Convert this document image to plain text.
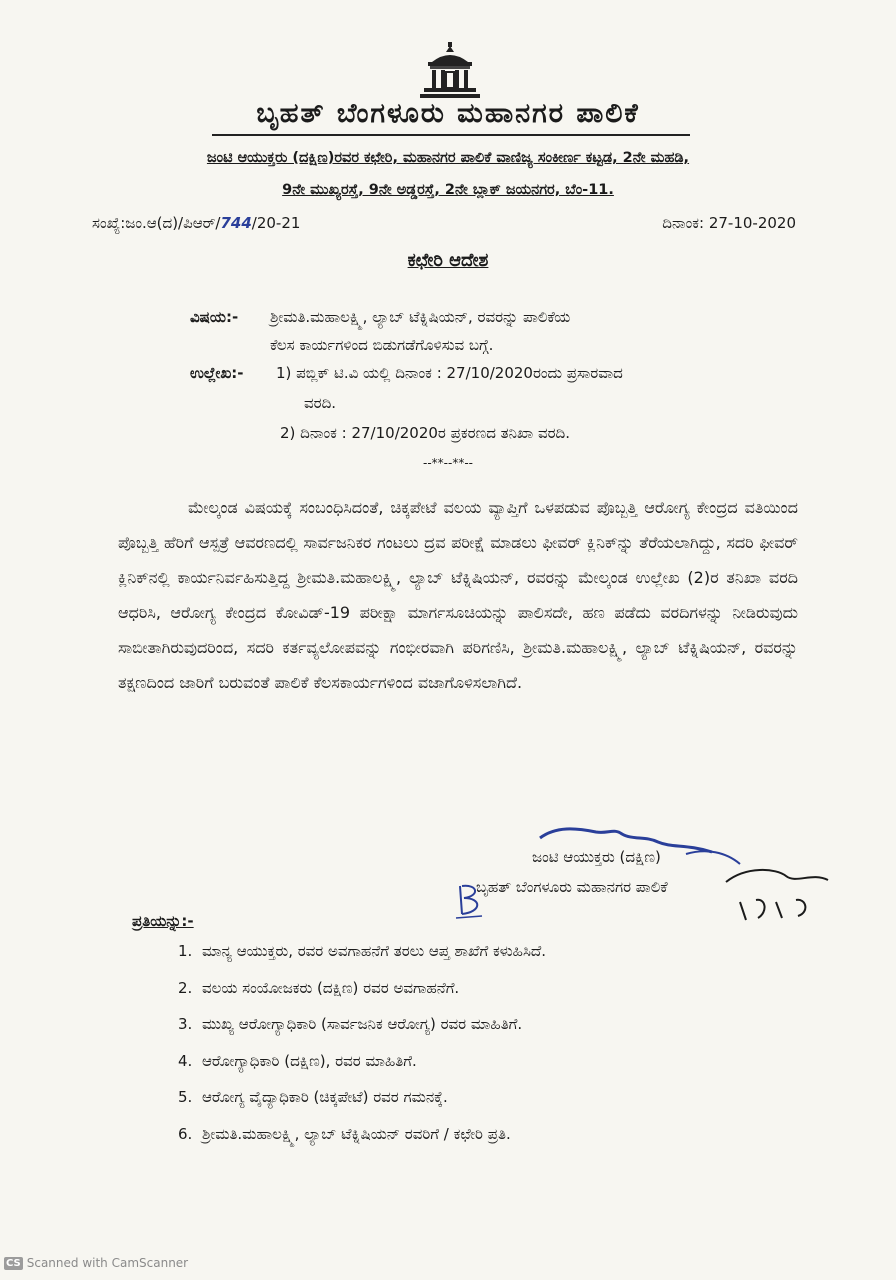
ಬೃಹತ್ ಬೆಂಗಳೂರು ಮಹಾನಗರ ಪಾಲಿಕೆ
ಜಂಟಿ ಆಯುಕ್ತರು (ದಕ್ಷಿಣ)ರವರ ಕಛೇರಿ, ಮಹಾನಗರ ಪಾಲಿಕೆ ವಾಣಿಜ್ಯ ಸಂಕೀರ್ಣ ಕಟ್ಟಡ, 2ನೇ ಮಹಡಿ,
9ನೇ ಮುಖ್ಯರಸ್ತೆ, 9ನೇ ಅಡ್ಡರಸ್ತೆ, 2ನೇ ಬ್ಲಾಕ್ ಜಯನಗರ, ಬೆಂ-11.
ಸಂಖ್ಯೆ:ಜಂ.ಆ(ದ)/ಪಿಆರ್/744/20-21	ದಿನಾಂಕ: 27-10-2020
ಕಛೇರಿ ಆದೇಶ
ವಿಷಯ:- ಶ್ರೀಮತಿ.ಮಹಾಲಕ್ಷ್ಮಿ, ಲ್ಯಾಬ್ ಟೆಕ್ನಿಷಿಯನ್, ರವರನ್ನು ಪಾಲಿಕೆಯ
ಕೆಲಸ ಕಾರ್ಯಗಳಿಂದ ಬಿಡುಗಡೆಗೊಳಿಸುವ ಬಗ್ಗೆ.
ಉಲ್ಲೇಖ:- 1) ಪಬ್ಲಿಕ್ ಟಿ.ವಿ ಯಲ್ಲಿ ದಿನಾಂಕ : 27/10/2020ರಂದು ಪ್ರಸಾರವಾದ
ವರದಿ.
2) ದಿನಾಂಕ : 27/10/2020ರ ಪ್ರಕರಣದ ತನಿಖಾ ವರದಿ.
--**--**--

ಮೇಲ್ಕಂಡ ವಿಷಯಕ್ಕೆ ಸಂಬಂಧಿಸಿದಂತೆ, ಚಿಕ್ಕಪೇಟೆ ವಲಯ ವ್ಯಾಪ್ತಿಗೆ ಒಳಪಡುವ ಪೊಬ್ಬತ್ತಿ ಆರೋಗ್ಯ ಕೇಂದ್ರದ ವತಿಯಿಂದ ಪೊಬ್ಬತ್ತಿ ಹೆರಿಗೆ ಆಸ್ಪತ್ರೆ ಆವರಣದಲ್ಲಿ ಸಾರ್ವಜನಿಕರ ಗಂಟಲು ದ್ರವ ಪರೀಕ್ಷೆ ಮಾಡಲು ಫೀವರ್ ಕ್ಲಿನಿಕ್‌ನ್ನು ತೆರೆಯಲಾಗಿದ್ದು, ಸದರಿ ಫೀವರ್ ಕ್ಲಿನಿಕ್‌ನಲ್ಲಿ ಕಾರ್ಯನಿರ್ವಹಿಸುತ್ತಿದ್ದ ಶ್ರೀಮತಿ.ಮಹಾಲಕ್ಷ್ಮಿ, ಲ್ಯಾಬ್ ಟೆಕ್ನಿಷಿಯನ್, ರವರನ್ನು ಮೇಲ್ಕಂಡ ಉಲ್ಲೇಖ (2)ರ ತನಿಖಾ ವರದಿ ಆಧರಿಸಿ, ಆರೋಗ್ಯ ಕೇಂದ್ರದ ಕೋವಿಡ್-19 ಪರೀಕ್ಷಾ ಮಾರ್ಗಸೂಚಿಯನ್ನು ಪಾಲಿಸದೇ, ಹಣ ಪಡೆದು ವರದಿಗಳನ್ನು ನೀಡಿರುವುದು ಸಾಬೀತಾಗಿರುವುದರಿಂದ, ಸದರಿ ಕರ್ತವ್ಯಲೋಪವನ್ನು ಗಂಭೀರವಾಗಿ ಪರಿಗಣಿಸಿ, ಶ್ರೀಮತಿ.ಮಹಾಲಕ್ಷ್ಮಿ, ಲ್ಯಾಬ್ ಟೆಕ್ನಿಷಿಯನ್, ರವರನ್ನು ತಕ್ಷಣದಿಂದ ಜಾರಿಗೆ ಬರುವಂತೆ ಪಾಲಿಕೆ ಕೆಲಸಕಾರ್ಯಗಳಿಂದ ವಜಾಗೊಳಿಸಲಾಗಿದೆ.

ಜಂಟಿ ಆಯುಕ್ತರು (ದಕ್ಷಿಣ)
ಬೃಹತ್ ಬೆಂಗಳೂರು ಮಹಾನಗರ ಪಾಲಿಕೆ
ಪ್ರತಿಯನ್ನು:-
1. ಮಾನ್ಯ ಆಯುಕ್ತರು, ರವರ ಅವಗಾಹನೆಗೆ ತರಲು ಆಪ್ತ ಶಾಖೆಗೆ ಕಳುಹಿಸಿದೆ.
2. ವಲಯ ಸಂಯೋಜಕರು (ದಕ್ಷಿಣ) ರವರ ಅವಗಾಹನೆಗೆ.
3. ಮುಖ್ಯ ಆರೋಗ್ಯಾಧಿಕಾರಿ (ಸಾರ್ವಜನಿಕ ಆರೋಗ್ಯ) ರವರ ಮಾಹಿತಿಗೆ.
4. ಆರೋಗ್ಯಾಧಿಕಾರಿ (ದಕ್ಷಿಣ), ರವರ ಮಾಹಿತಿಗೆ.
5. ಆರೋಗ್ಯ ವೈದ್ಯಾಧಿಕಾರಿ (ಚಿಕ್ಕಪೇಟೆ) ರವರ ಗಮನಕ್ಕೆ.
6. ಶ್ರೀಮತಿ.ಮಹಾಲಕ್ಷ್ಮಿ, ಲ್ಯಾಬ್ ಟೆಕ್ನಿಷಿಯನ್ ರವರಿಗೆ / ಕಛೇರಿ ಪ್ರತಿ.
CS Scanned with CamScanner
